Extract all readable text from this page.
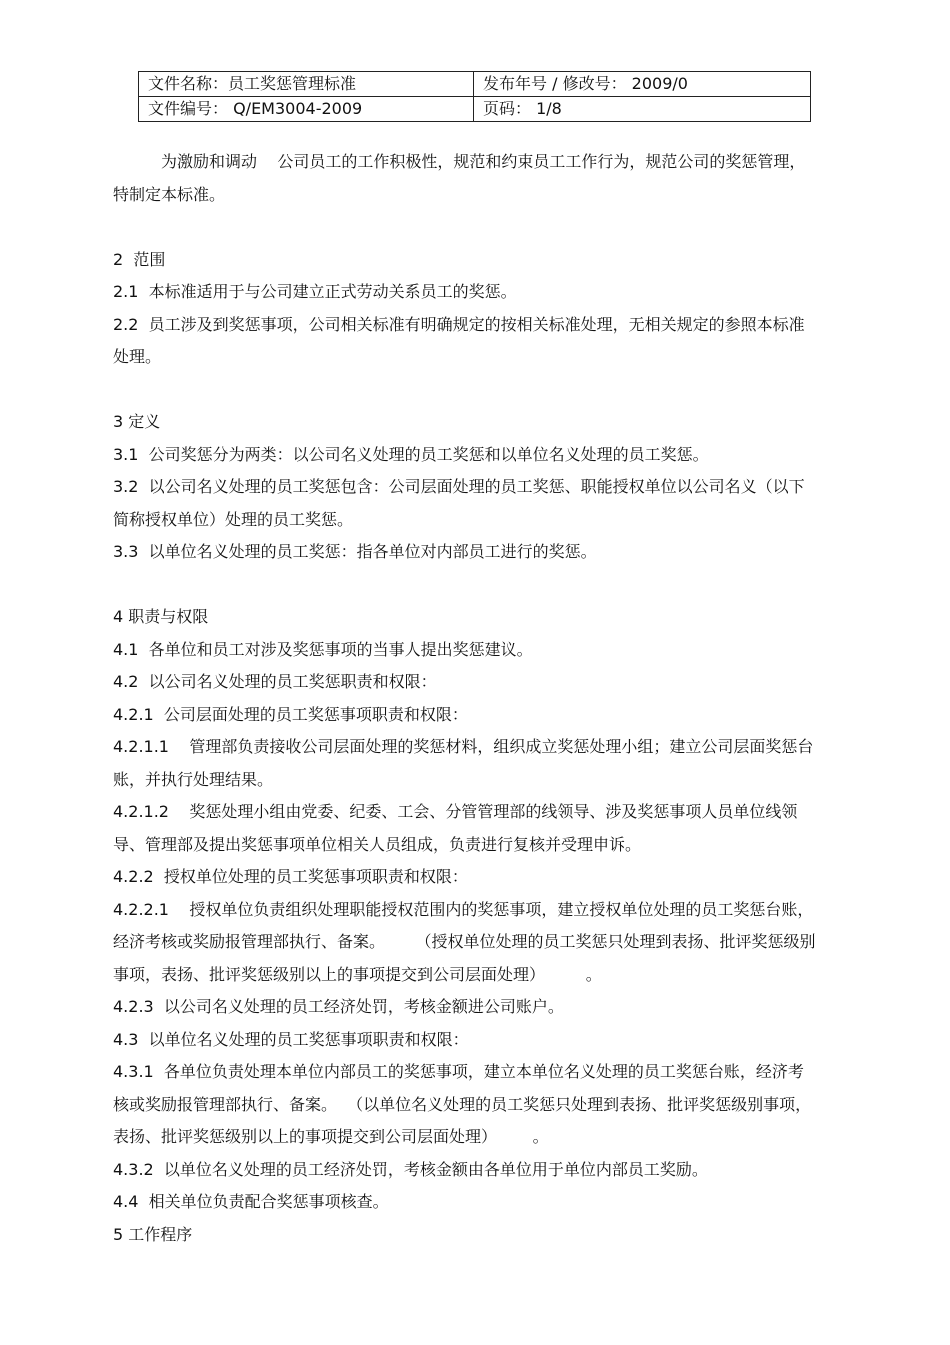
文件名称：员工奖惩管理标准	发布年号 / 修改号： 2009/0
文件编号： Q/EM3004-2009	页码： 1/8

为激励和调动    公司员工的工作积极性，规范和约束员工工作行为，规范公司的奖惩管理，特制定本标准。

2  范围

2.1  本标准适用于与公司建立正式劳动关系员工的奖惩。

2.2  员工涉及到奖惩事项，公司相关标准有明确规定的按相关标准处理，无相关规定的参照本标准处理。

3 定义

3.1  公司奖惩分为两类：以公司名义处理的员工奖惩和以单位名义处理的员工奖惩。

3.2  以公司名义处理的员工奖惩包含：公司层面处理的员工奖惩、职能授权单位以公司名义（以下简称授权单位）处理的员工奖惩。

3.3  以单位名义处理的员工奖惩：指各单位对内部员工进行的奖惩。

4 职责与权限

4.1  各单位和员工对涉及奖惩事项的当事人提出奖惩建议。

4.2  以公司名义处理的员工奖惩职责和权限：

4.2.1  公司层面处理的员工奖惩事项职责和权限：

4.2.1.1    管理部负责接收公司层面处理的奖惩材料，组织成立奖惩处理小组；建立公司层面奖惩台账，并执行处理结果。

4.2.1.2    奖惩处理小组由党委、纪委、工会、分管管理部的线领导、涉及奖惩事项人员单位线领导、管理部及提出奖惩事项单位相关人员组成，负责进行复核并受理申诉。

4.2.2  授权单位处理的员工奖惩事项职责和权限：

4.2.2.1    授权单位负责组织处理职能授权范围内的奖惩事项，建立授权单位处理的员工奖惩台账，经济考核或奖励报管理部执行、备案。      （授权单位处理的员工奖惩只处理到表扬、批评奖惩级别事项，表扬、批评奖惩级别以上的事项提交到公司层面处理）        。

4.2.3  以公司名义处理的员工经济处罚，考核金额进公司账户。

4.3  以单位名义处理的员工奖惩事项职责和权限：

4.3.1  各单位负责处理本单位内部员工的奖惩事项，建立本单位名义处理的员工奖惩台账，经济考核或奖励报管理部执行、备案。  （以单位名义处理的员工奖惩只处理到表扬、批评奖惩级别事项，表扬、批评奖惩级别以上的事项提交到公司层面处理）       。

4.3.2  以单位名义处理的员工经济处罚，考核金额由各单位用于单位内部员工奖励。

4.4  相关单位负责配合奖惩事项核查。

5 工作程序
